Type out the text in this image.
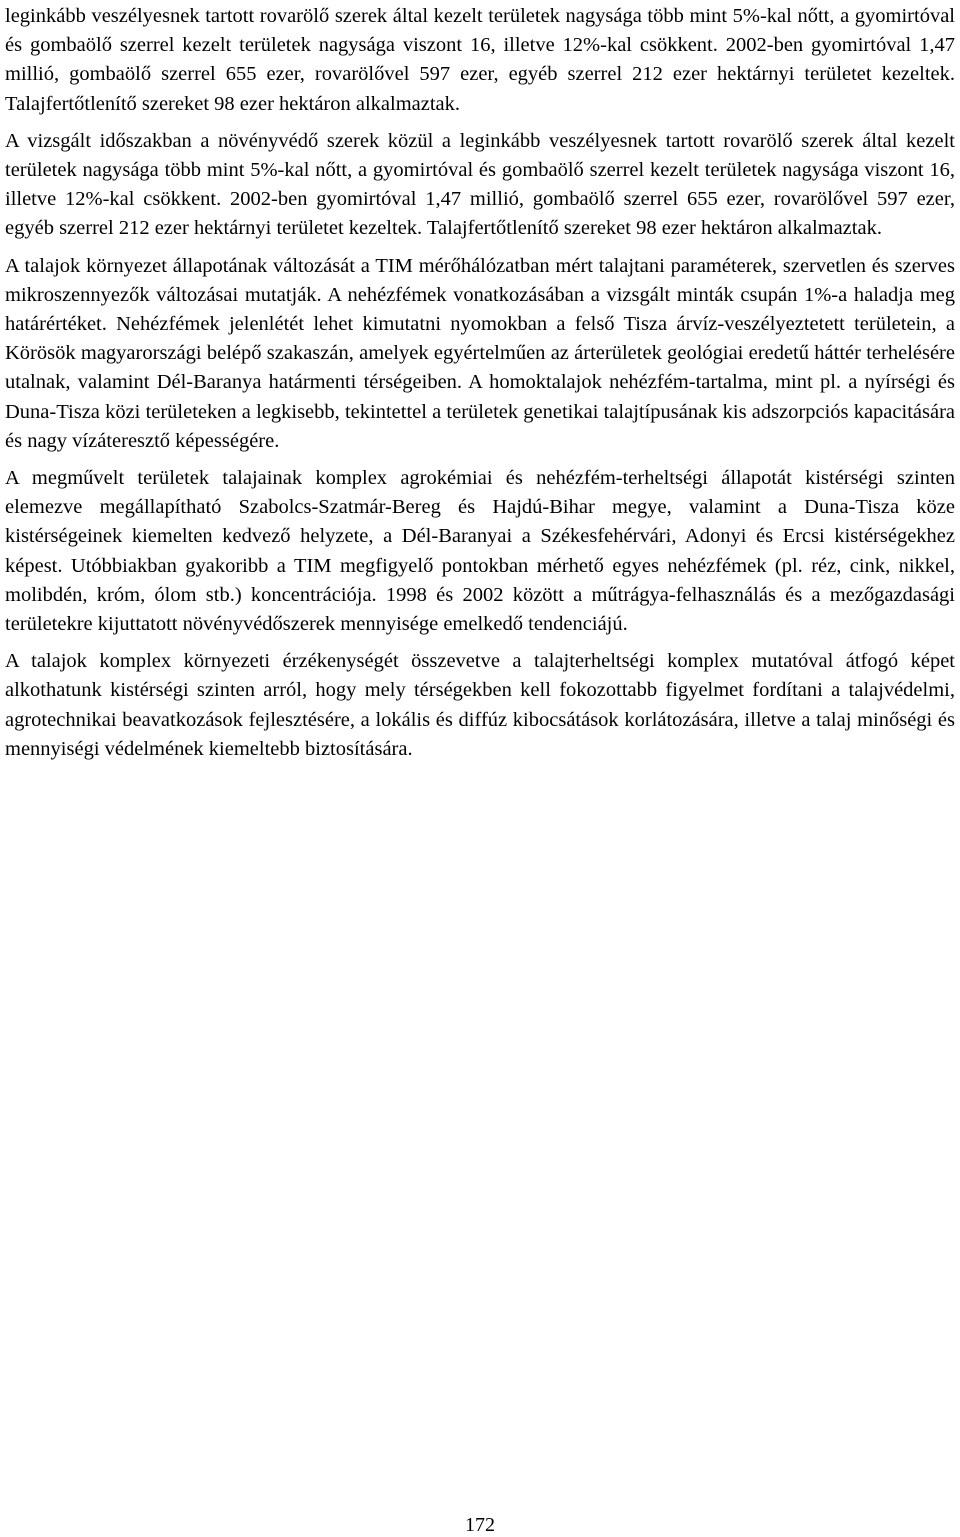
leginkább veszélyesnek tartott rovarölő szerek által kezelt területek nagysága több mint 5%-kal nőtt, a gyomirtóval és gombaölő szerrel kezelt területek nagysága viszont 16, illetve 12%-kal csökkent. 2002-ben gyomirtóval 1,47 millió, gombaölő szerrel 655 ezer, rovarölővel 597 ezer, egyéb szerrel 212 ezer hektárnyi területet kezeltek. Talajfertőtlenítő szereket 98 ezer hektáron alkalmaztak.

A vizsgált időszakban a növényvédő szerek közül a leginkább veszélyesnek tartott rovarölő szerek által kezelt területek nagysága több mint 5%-kal nőtt, a gyomirtóval és gombaölő szerrel kezelt területek nagysága viszont 16, illetve 12%-kal csökkent. 2002-ben gyomirtóval 1,47 millió, gombaölő szerrel 655 ezer, rovarölővel 597 ezer, egyéb szerrel 212 ezer hektárnyi területet kezeltek. Talajfertőtlenítő szereket 98 ezer hektáron alkalmaztak.

A talajok környezet állapotának változását a TIM mérőhálózatban mért talajtani paraméterek, szervetlen és szerves mikroszennyezők változásai mutatják. A nehézfémek vonatkozásában a vizsgált minták csupán 1%-a haladja meg határértéket. Nehézfémek jelenlétét lehet kimutatni nyomokban a felső Tisza árvíz-veszélyeztetett területein, a Körösök magyarországi belépő szakaszán, amelyek egyértelműen az árterületek geológiai eredetű háttér terhelésére utalnak, valamint Dél-Baranya határmenti térségeiben. A homoktalajok nehézfém-tartalma, mint pl. a nyírségi és Duna-Tisza közi területeken a legkisebb, tekintettel a területek genetikai talajtípusának kis adszorpciós kapacitására és nagy vízáteresztő képességére.

A megművelt területek talajainak komplex agrokémiai és nehézfém-terheltségi állapotát kistérségi szinten elemezve megállapítható Szabolcs-Szatmár-Bereg és Hajdú-Bihar megye, valamint a Duna-Tisza köze kistérségeinek kiemelten kedvező helyzete, a Dél-Baranyai a Székesfehérvári, Adonyi és Ercsi kistérségekhez képest. Utóbbiakban gyakoribb a TIM megfigyelő pontokban mérhető egyes nehézfémek (pl. réz, cink, nikkel, molibdén, króm, ólom stb.) koncentrációja. 1998 és 2002 között a műtrágya-felhasználás és a mezőgazdasági területekre kijuttatott növényvédőszerek mennyisége emelkedő tendenciájú.

A talajok komplex környezeti érzékenységét összevetve a talajterheltségi komplex mutatóval átfogó képet alkothatunk kistérségi szinten arról, hogy mely térségekben kell fokozottabb figyelmet fordítani a talajvédelmi, agrotechnikai beavatkozások fejlesztésére, a lokális és diffúz kibocsátások korlátozására, illetve a talaj minőségi és mennyiségi védelmének kiemeltebb biztosítására.

172
